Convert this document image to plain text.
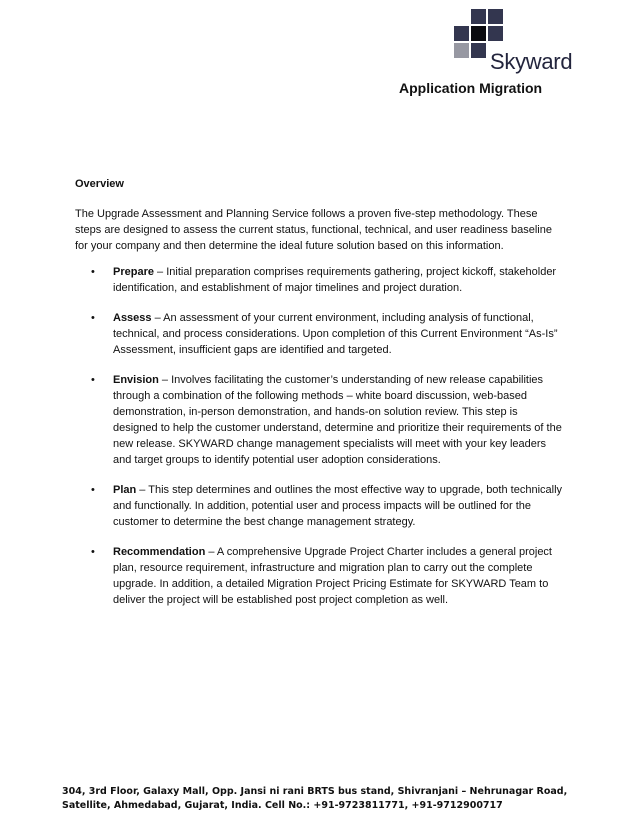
Skyward
Application Migration

Overview

The Upgrade Assessment and Planning Service follows a proven five-step methodology. These steps are designed to assess the current status, functional, technical, and user readiness baseline for your company and then determine the ideal future solution based on this information.

• Prepare – Initial preparation comprises requirements gathering, project kickoff, stakeholder identification, and establishment of major timelines and project duration.
• Assess – An assessment of your current environment, including analysis of functional, technical, and process considerations. Upon completion of this Current Environment “As-Is” Assessment, insufficient gaps are identified and targeted.
• Envision – Involves facilitating the customer’s understanding of new release capabilities through a combination of the following methods – white board discussion, web-based demonstration, in-person demonstration, and hands-on solution review. This step is designed to help the customer understand, determine and prioritize their requirements of the new release. SKYWARD change management specialists will meet with your key leaders and target groups to identify potential user adoption considerations.
• Plan – This step determines and outlines the most effective way to upgrade, both technically and functionally. In addition, potential user and process impacts will be outlined for the customer to determine the best change management strategy.
• Recommendation – A comprehensive Upgrade Project Charter includes a general project plan, resource requirement, infrastructure and migration plan to carry out the complete upgrade. In addition, a detailed Migration Project Pricing Estimate for SKYWARD Team to deliver the project will be established post project completion as well.
304, 3rd Floor, Galaxy Mall, Opp. Jansi ni rani BRTS bus stand, Shivranjani – Nehrunagar Road,
Satellite, Ahmedabad, Gujarat, India. Cell No.: +91-9723811771, +91-9712900717
